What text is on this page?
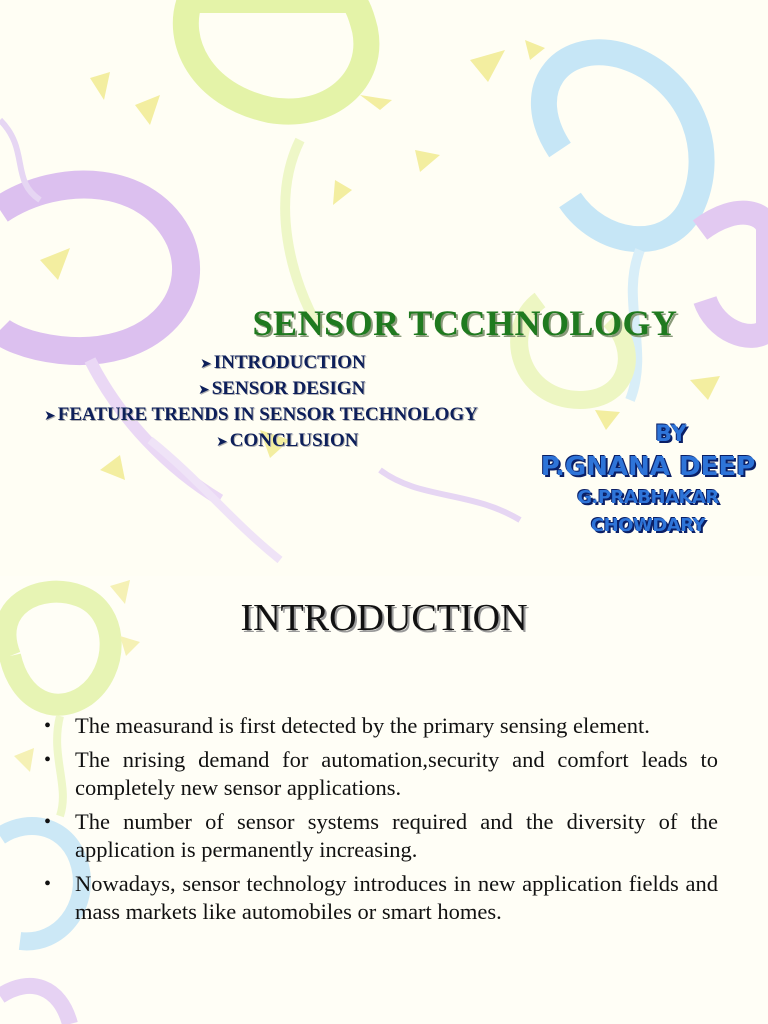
SENSOR TCCHNOLOGY
➤ INTRODUCTION
➤ SENSOR DESIGN
➤ FEATURE TRENDS IN SENSOR TECHNOLOGY
➤ CONCLUSION	BY
P.GNANA DEEP
G.PRABHAKAR CHOWDARY
INTRODUCTION
• The measurand is first detected by the primary sensing element.
• The nrising demand for automation,security and comfort leads to completely new sensor applications.
• The number of sensor systems required and the diversity of the application is permanently increasing.
• Nowadays, sensor technology introduces in new application fields and mass markets like automobiles or smart homes.
